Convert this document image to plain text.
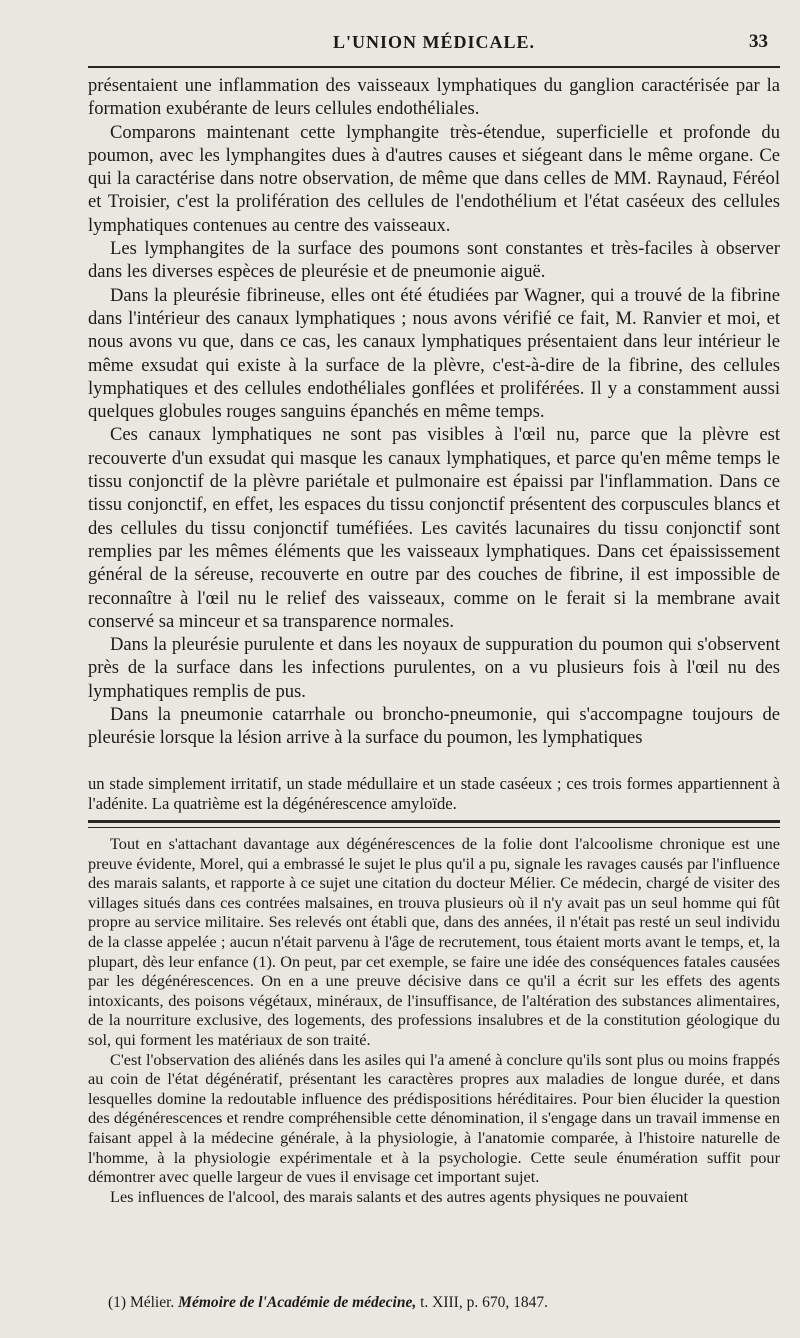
L'UNION MÉDICALE.	33

présentaient une inflammation des vaisseaux lymphatiques du ganglion caractérisée par la formation exubérante de leurs cellules endothéliales.

Comparons maintenant cette lymphangite très-étendue, superficielle et profonde du poumon, avec les lymphangites dues à d'autres causes et siégeant dans le même organe. Ce qui la caractérise dans notre observation, de même que dans celles de MM. Raynaud, Féréol et Troisier, c'est la prolifération des cellules de l'endothélium et l'état caséeux des cellules lymphatiques contenues au centre des vaisseaux.

Les lymphangites de la surface des poumons sont constantes et très-faciles à observer dans les diverses espèces de pleurésie et de pneumonie aiguë.

Dans la pleurésie fibrineuse, elles ont été étudiées par Wagner, qui a trouvé de la fibrine dans l'intérieur des canaux lymphatiques ; nous avons vérifié ce fait, M. Ranvier et moi, et nous avons vu que, dans ce cas, les canaux lymphatiques présentaient dans leur intérieur le même exsudat qui existe à la surface de la plèvre, c'est-à-dire de la fibrine, des cellules lymphatiques et des cellules endothéliales gonflées et proliférées. Il y a constamment aussi quelques globules rouges sanguins épanchés en même temps.

Ces canaux lymphatiques ne sont pas visibles à l'œil nu, parce que la plèvre est recouverte d'un exsudat qui masque les canaux lymphatiques, et parce qu'en même temps le tissu conjonctif de la plèvre pariétale et pulmonaire est épaissi par l'inflammation. Dans ce tissu conjonctif, en effet, les espaces du tissu conjonctif présentent des corpuscules blancs et des cellules du tissu conjonctif tuméfiées. Les cavités lacunaires du tissu conjonctif sont remplies par les mêmes éléments que les vaisseaux lymphatiques. Dans cet épaississement général de la séreuse, recouverte en outre par des couches de fibrine, il est impossible de reconnaître à l'œil nu le relief des vaisseaux, comme on le ferait si la membrane avait conservé sa minceur et sa transparence normales.

Dans la pleurésie purulente et dans les noyaux de suppuration du poumon qui s'observent près de la surface dans les infections purulentes, on a vu plusieurs fois à l'œil nu des lymphatiques remplis de pus.

Dans la pneumonie catarrhale ou broncho-pneumonie, qui s'accompagne toujours de pleurésie lorsque la lésion arrive à la surface du poumon, les lymphatiques

un stade simplement irritatif, un stade médullaire et un stade caséeux ; ces trois formes appartiennent à l'adénite. La quatrième est la dégénérescence amyloïde.

Tout en s'attachant davantage aux dégénérescences de la folie dont l'alcoolisme chronique est une preuve évidente, Morel, qui a embrassé le sujet le plus qu'il a pu, signale les ravages causés par l'influence des marais salants, et rapporte à ce sujet une citation du docteur Mélier. Ce médecin, chargé de visiter des villages situés dans ces contrées malsaines, en trouva plusieurs où il n'y avait pas un seul homme qui fût propre au service militaire. Ses relevés ont établi que, dans des années, il n'était pas resté un seul individu de la classe appelée ; aucun n'était parvenu à l'âge de recrutement, tous étaient morts avant le temps, et, la plupart, dès leur enfance (1). On peut, par cet exemple, se faire une idée des conséquences fatales causées par les dégénérescences. On en a une preuve décisive dans ce qu'il a écrit sur les effets des agents intoxicants, des poisons végétaux, minéraux, de l'insuffisance, de l'altération des substances alimentaires, de la nourriture exclusive, des logements, des professions insalubres et de la constitution géologique du sol, qui forment les matériaux de son traité.

C'est l'observation des aliénés dans les asiles qui l'a amené à conclure qu'ils sont plus ou moins frappés au coin de l'état dégénératif, présentant les caractères propres aux maladies de longue durée, et dans lesquelles domine la redoutable influence des prédispositions héréditaires. Pour bien élucider la question des dégénérescences et rendre compréhensible cette dénomination, il s'engage dans un travail immense en faisant appel à la médecine générale, à la physiologie, à l'anatomie comparée, à l'histoire naturelle de l'homme, à la physiologie expérimentale et à la psychologie. Cette seule énumération suffit pour démontrer avec quelle largeur de vues il envisage cet important sujet.

Les influences de l'alcool, des marais salants et des autres agents physiques ne pouvaient

(1) Mélier. Mémoire de l'Académie de médecine, t. XIII, p. 670, 1847.
